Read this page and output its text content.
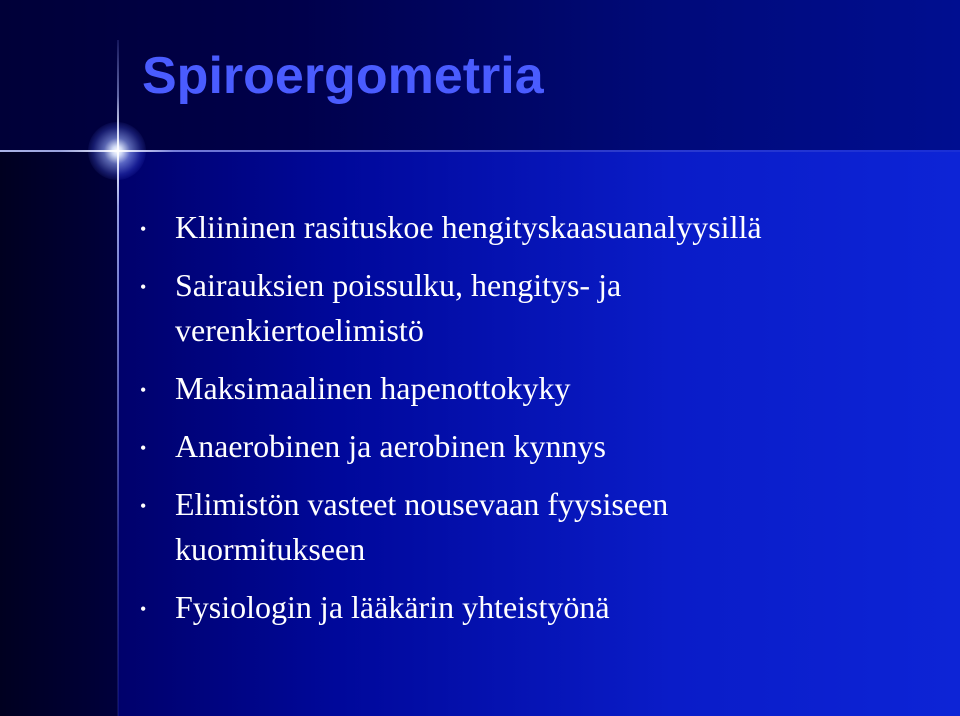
Spiroergometria
• Kliininen rasituskoe hengityskaasuanalyysillä
• Sairauksien poissulku, hengitys- ja verenkiertoelimistö
• Maksimaalinen hapenottokyky
• Anaerobinen ja aerobinen kynnys
• Elimistön vasteet nousevaan fyysiseen kuormitukseen
• Fysiologin ja lääkärin yhteistyönä
